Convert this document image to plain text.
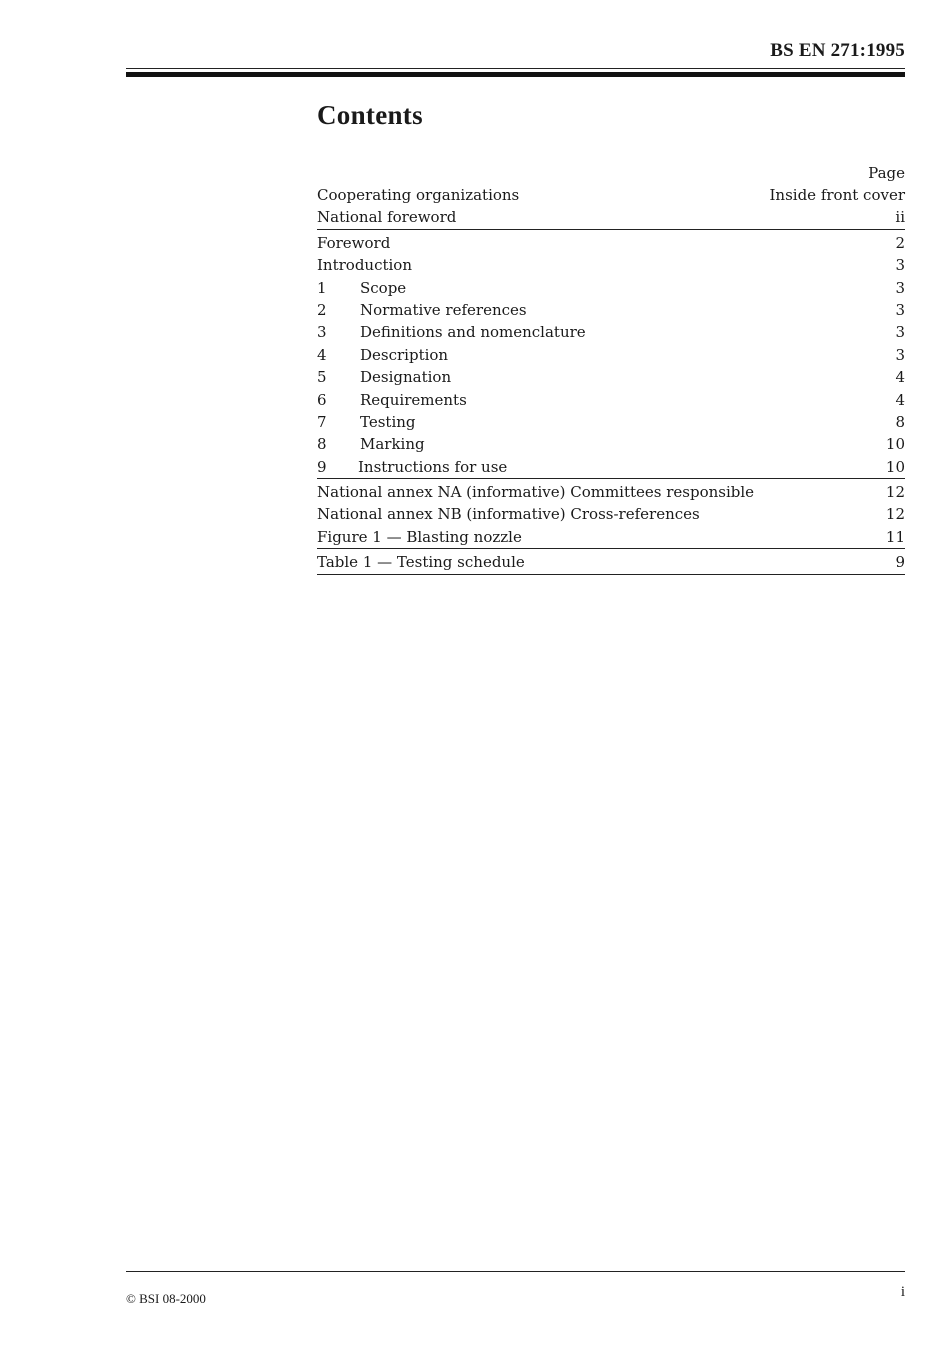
BS EN 271:1995
Contents
Page
Cooperating organizations	Inside front cover
National foreword	ii
Foreword	2
Introduction	3
1	Scope	3
2	Normative references	3
3	Definitions and nomenclature	3
4	Description	3
5	Designation	4
6	Requirements	4
7	Testing	8
8	Marking	10
9	Instructions for use	10
National annex NA (informative) Committees responsible	12
National annex NB (informative) Cross-references	12
Figure 1 — Blasting nozzle	11
Table 1 — Testing schedule	9
© BSI 08-2000	i
